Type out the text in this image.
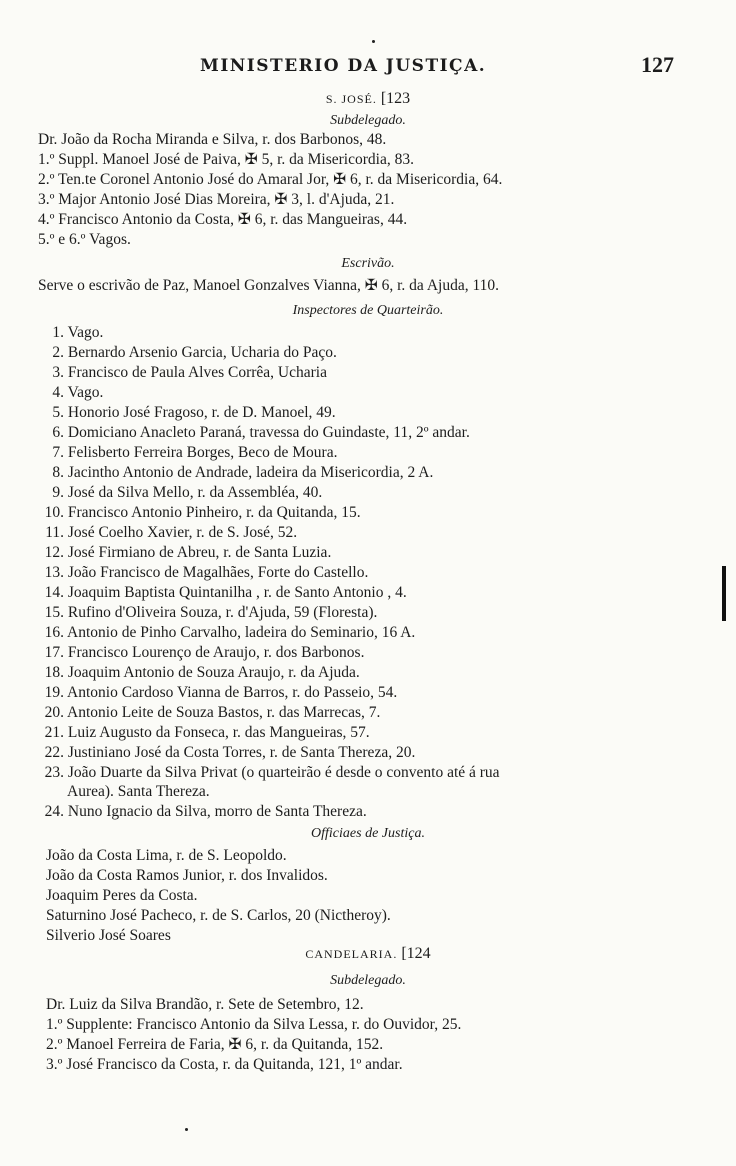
MINISTERIO DA JUSTIÇA.	127
S. JOSÉ. [123
Subdelegado.
Dr. João da Rocha Miranda e Silva, r. dos Barbonos, 48.
1.º Suppl. Manoel José de Paiva, ✠ 5, r. da Misericordia, 83.
2.º Ten.te Coronel Antonio José do Amaral Jor, ✠ 6, r. da Misericordia, 64.
3.º Major Antonio José Dias Moreira, ✠ 3, l. d'Ajuda, 21.
4.º Francisco Antonio da Costa, ✠ 6, r. das Mangueiras, 44.
5.º e 6.º Vagos.
Escrivão.
Serve o escrivão de Paz, Manoel Gonzalves Vianna, ✠ 6, r. da Ajuda, 110.
Inspectores de Quarteirão.
1. Vago.
2. Bernardo Arsenio Garcia, Ucharia do Paço.
3. Francisco de Paula Alves Corrêa, Ucharia
4. Vago.
5. Honorio José Fragoso, r. de D. Manoel, 49.
6. Domiciano Anacleto Paraná, travessa do Guindaste, 11, 2º andar.
7. Felisberto Ferreira Borges, Beco de Moura.
8. Jacintho Antonio de Andrade, ladeira da Misericordia, 2 A.
9. José da Silva Mello, r. da Assembléa, 40.
10. Francisco Antonio Pinheiro, r. da Quitanda, 15.
11. José Coelho Xavier, r. de S. José, 52.
12. José Firmiano de Abreu, r. de Santa Luzia.
13. João Francisco de Magalhães, Forte do Castello.
14. Joaquim Baptista Quintanilha , r. de Santo Antonio , 4.
15. Rufino d'Oliveira Souza, r. d'Ajuda, 59 (Floresta).
16. Antonio de Pinho Carvalho, ladeira do Seminario, 16 A.
17. Francisco Lourenço de Araujo, r. dos Barbonos.
18. Joaquim Antonio de Souza Araujo, r. da Ajuda.
19. Antonio Cardoso Vianna de Barros, r. do Passeio, 54.
20. Antonio Leite de Souza Bastos, r. das Marrecas, 7.
21. Luiz Augusto da Fonseca, r. das Mangueiras, 57.
22. Justiniano José da Costa Torres, r. de Santa Thereza, 20.
23. João Duarte da Silva Privat (o quarteirão é desde o convento até á rua
Aurea). Santa Thereza.
24. Nuno Ignacio da Silva, morro de Santa Thereza.
Officiaes de Justiça.
João da Costa Lima, r. de S. Leopoldo.
João da Costa Ramos Junior, r. dos Invalidos.
Joaquim Peres da Costa.
Saturnino José Pacheco, r. de S. Carlos, 20 (Nictheroy).
Silverio José Soares
CANDELARIA. [124
Subdelegado.
Dr. Luiz da Silva Brandão, r. Sete de Setembro, 12.
1.º Supplente: Francisco Antonio da Silva Lessa, r. do Ouvidor, 25.
2.º Manoel Ferreira de Faria, ✠ 6, r. da Quitanda, 152.
3.º José Francisco da Costa, r. da Quitanda, 121, 1º andar.
